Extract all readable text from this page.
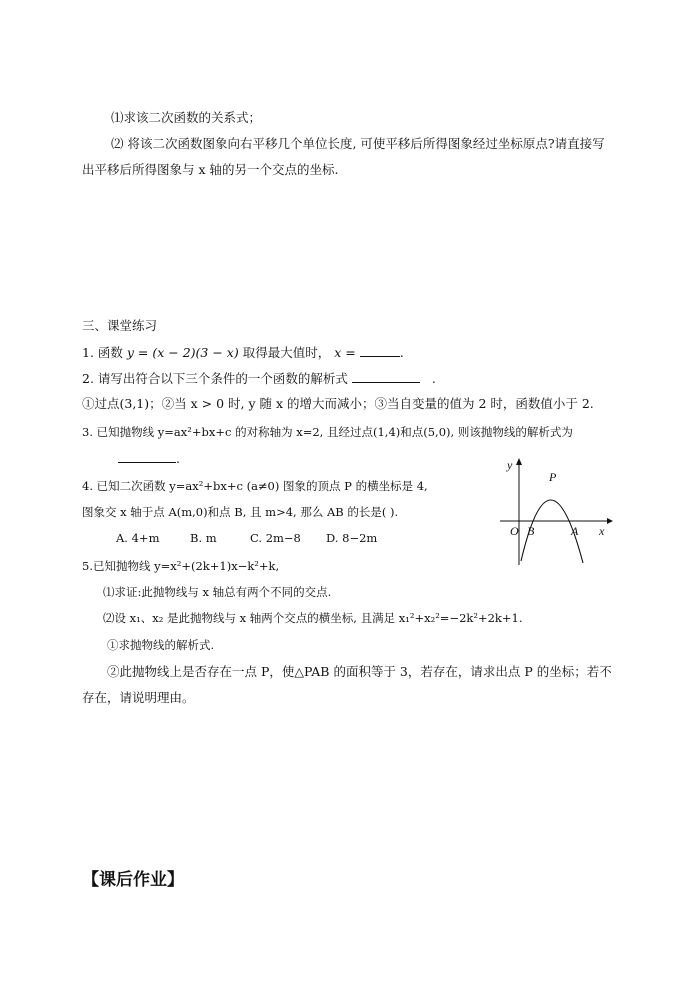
⑴求该二次函数的关系式；
⑵ 将该二次函数图象向右平移几个单位长度, 可使平移后所得图象经过坐标原点?请直接写
出平移后所得图象与 x 轴的另一个交点的坐标.
三、课堂练习
1. 函数 y = (x − 2)(3 − x) 取得最大值时， x =	.
2. 请写出符合以下三个条件的一个函数的解析式	.
①过点(3,1)；②当 x > 0 时, y 随 x 的增大而减小；③当自变量的值为 2 时，函数值小于 2.
3. 已知抛物线 y=ax²+bx+c 的对称轴为 x=2, 且经过点(1,4)和点(5,0), 则该抛物线的解析式为
.
4. 已知二次函数 y=ax²+bx+c (a≠0) 图象的顶点 P 的横坐标是 4,
图象交 x 轴于点 A(m,0)和点 B, 且 m>4, 那么 AB 的长是( ).
A. 4+m	B. m	C. 2m−8 D. 8−2m
y
x
P
O B	A
5.已知抛物线 y=x²+(2k+1)x−k²+k,
⑴求证:此抛物线与 x 轴总有两个不同的交点.
⑵设 x₁、x₂ 是此抛物线与 x 轴两个交点的横坐标, 且满足 x₁²+x₂²=−2k²+2k+1.
①求抛物线的解析式.
②此抛物线上是否存在一点 P，使△PAB 的面积等于 3，若存在，请求出点 P 的坐标；若不
存在，请说明理由。
【课后作业】
